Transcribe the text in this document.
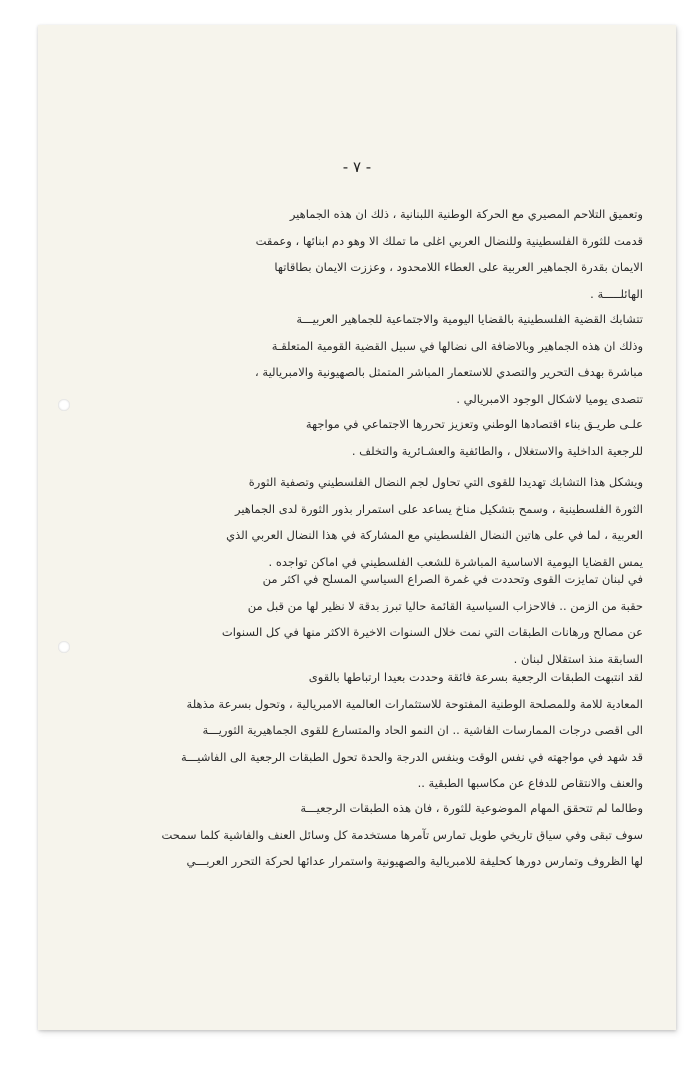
- ٧ -
وتعميق التلاحم المصيري مع الحركة الوطنية اللبنانية ، ذلك ان هذه الجماهير
قدمت للثورة الفلسطينية وللنضال العربي اغلى ما تملك الا وهو دم ابنائها ، وعمقت
الايمان بقدرة الجماهير العربية على العطاء اللامحدود ، وعززت الايمان بطاقاتها
الهائلـــــة .
تتشابك القضية الفلسطينية بالقضايا اليومية والاجتماعية للجماهير العربيـــة
وذلك ان هذه الجماهير وبالاضافة الى نضالها في سبيل القضية القومية المتعلقـة
مباشرة بهدف التحرير والتصدي للاستعمار المباشر المتمثل بالصهيونية والامبريالية ،
تتصدى يوميا لاشكال الوجود الامبريالي .
علـى طريـق بناء اقتصادها الوطني وتعزيز تحررها الاجتماعي في مواجهة
للرجعية الداخلية والاستغلال ، والطائفية والعشـائرية والتخلف .
ويشكل هذا التشابك تهديدا للقوى التي تحاول لجم النضال الفلسطيني وتصفية الثورة
الثورة الفلسطينية ، وسمح بتشكيل مناخ يساعد على استمرار بذور الثورة لدى الجماهير
العربية ، لما في على هاتين النضال الفلسطيني مع المشاركة في هذا النضال العربي الذي
يمس القضايا اليومية الاساسية المباشرة للشعب الفلسطيني في اماكن تواجده .
في لبنان تمايزت القوى وتحددت في غمرة الصراع السياسي المسلح في اكثر من
حقبة من الزمن .. فالاحزاب السياسية القائمة حاليا تبرز بدقة لا نظير لها من قبل من
عن مصالح ورهانات الطبقات التي نمت خلال السنوات الاخيرة الاكثر منها في كل السنوات
السابقة منذ استقلال لبنان .
لقد انتبهت الطبقات الرجعية بسرعة فائقة وحددت بعيدا ارتباطها بالقوى
المعادية للامة وللمصلحة الوطنية المفتوحة للاستثمارات العالمية الامبريالية ، وتحول بسرعة مذهلة
الى اقصى درجات الممارسات الفاشية .. ان النمو الحاد والمتسارع للقوى الجماهيرية الثوريـــة
قد شهد في مواجهته في نفس الوقت وبنفس الدرجة والحدة تحول الطبقات الرجعية الى الفاشيـــة
والعنف والانتقاص للدفاع عن مكاسبها الطبقية ..
وطالما لم تتحقق المهام الموضوعية للثورة ، فان هذه الطبقات الرجعيـــة
سوف تبقى وفي سياق تاريخي طويل تمارس تآمرها مستخدمة كل وسائل العنف والفاشية كلما سمحت
لها الظروف وتمارس دورها كحليفة للامبريالية والصهيونية واستمرار عدائها لحركة التحرر العربـــي
